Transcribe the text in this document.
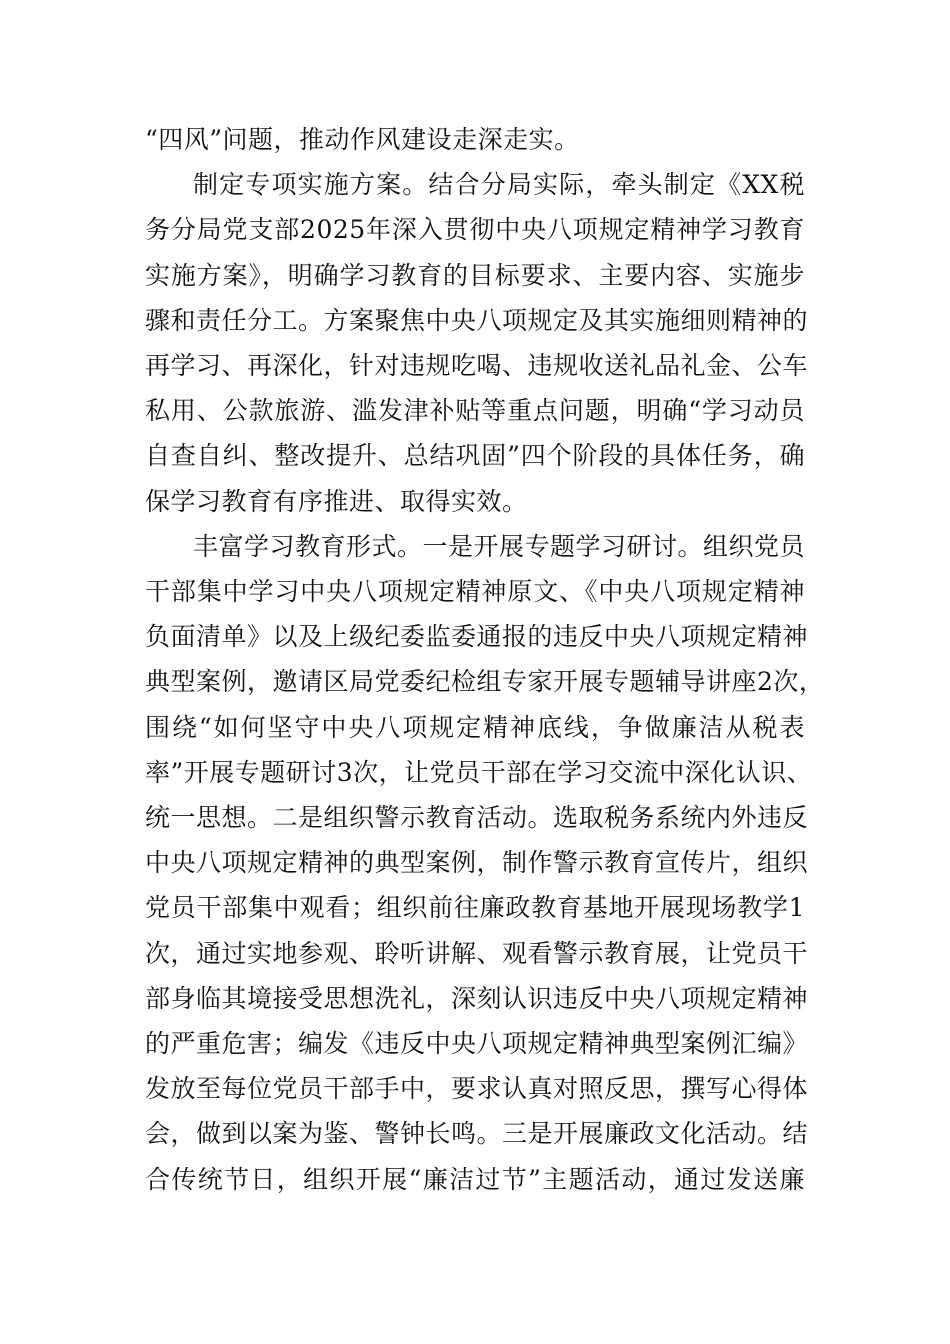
“四风”问题，推动作风建设走深走实。
制定专项实施方案。结合分局实际，牵头制定《XX税
务分局党支部2025年深入贯彻中央八项规定精神学习教育
实施方案》，明确学习教育的目标要求、主要内容、实施步
骤和责任分工。方案聚焦中央八项规定及其实施细则精神的
再学习、再深化，针对违规吃喝、违规收送礼品礼金、公车
私用、公款旅游、滥发津补贴等重点问题，明确“学习动员
自查自纠、整改提升、总结巩固”四个阶段的具体任务，确
保学习教育有序推进、取得实效。
丰富学习教育形式。一是开展专题学习研讨。组织党员
干部集中学习中央八项规定精神原文、《中央八项规定精神
负面清单》以及上级纪委监委通报的违反中央八项规定精神
典型案例，邀请区局党委纪检组专家开展专题辅导讲座2次，
围绕“如何坚守中央八项规定精神底线，争做廉洁从税表
率”开展专题研讨3次，让党员干部在学习交流中深化认识、
统一思想。二是组织警示教育活动。选取税务系统内外违反
中央八项规定精神的典型案例，制作警示教育宣传片，组织
党员干部集中观看；组织前往廉政教育基地开展现场教学1
次，通过实地参观、聆听讲解、观看警示教育展，让党员干
部身临其境接受思想洗礼，深刻认识违反中央八项规定精神
的严重危害；编发《违反中央八项规定精神典型案例汇编》
发放至每位党员干部手中，要求认真对照反思，撰写心得体
会，做到以案为鉴、警钟长鸣。三是开展廉政文化活动。结
合传统节日，组织开展“廉洁过节”主题活动，通过发送廉
